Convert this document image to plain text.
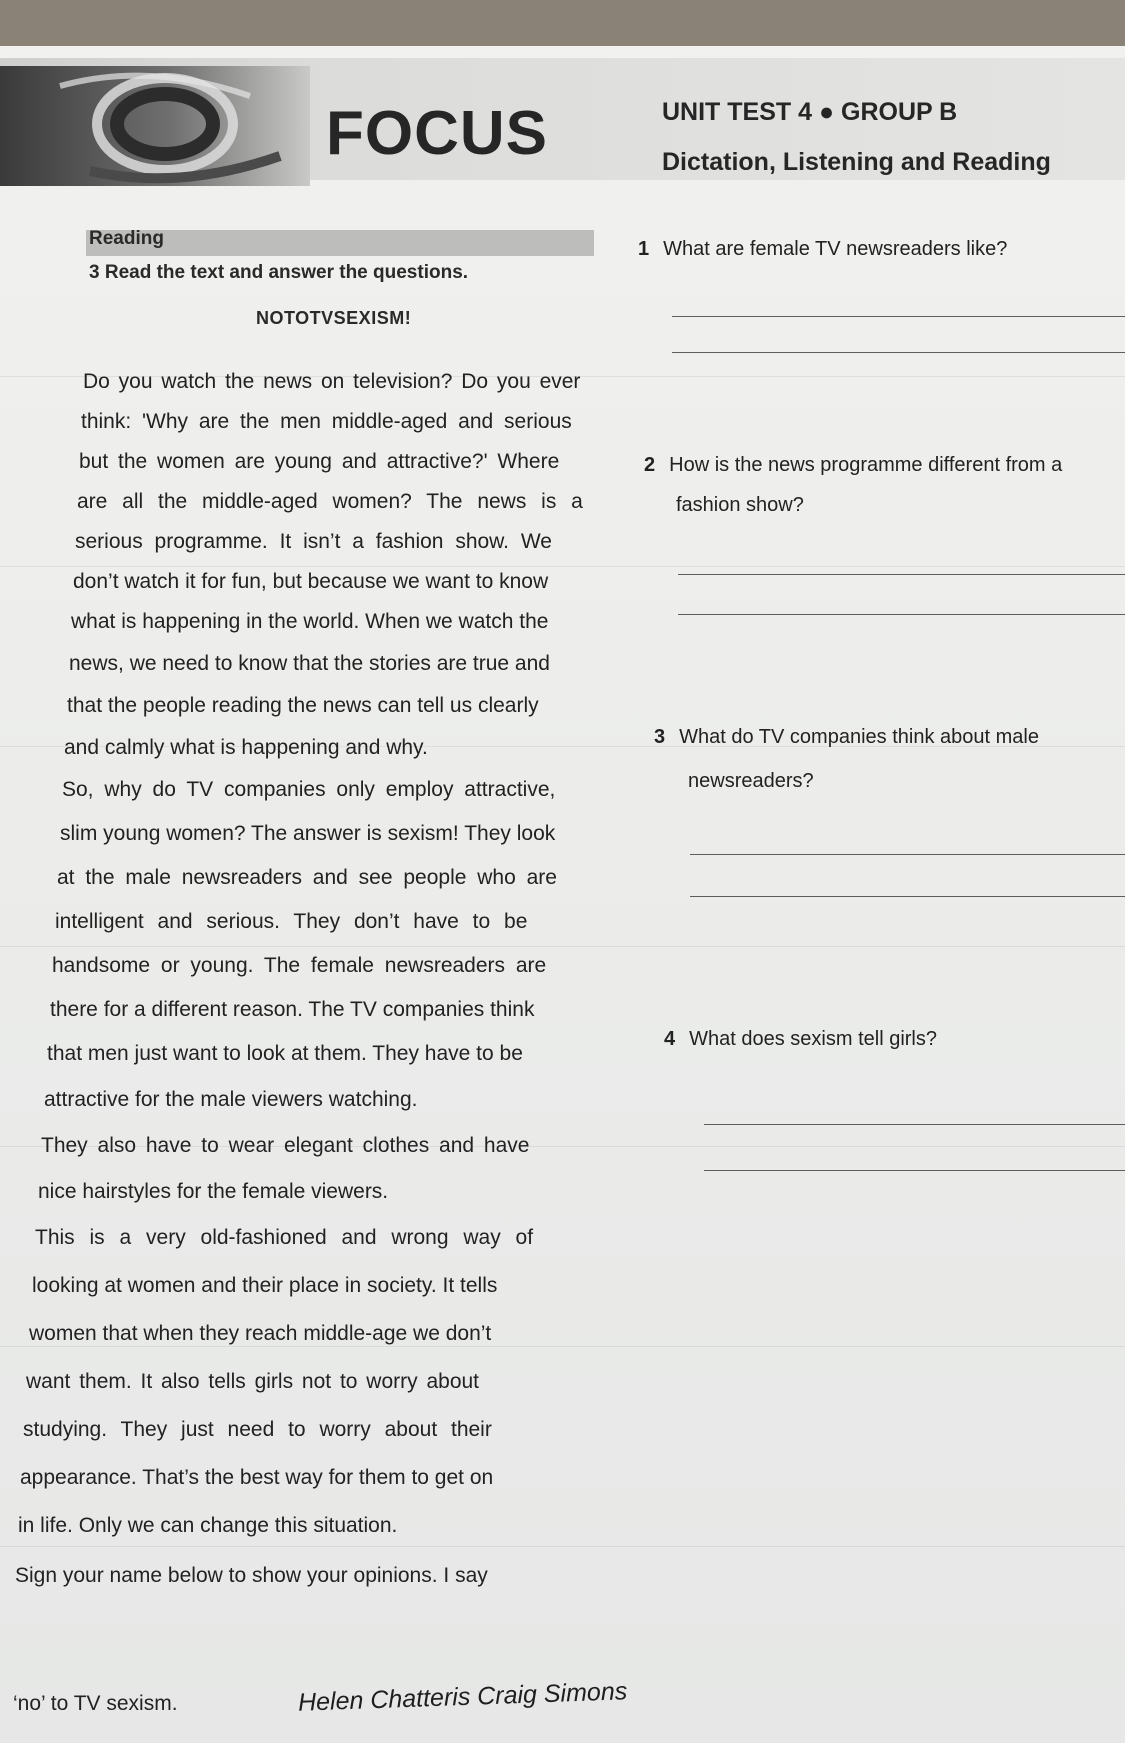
FOCUS	UNIT TEST 4 ● GROUP B
Dictation, Listening and Reading
Reading
3 Read the text and answer the questions.
NOTOTVSEXISM!
Do you watch the news on television? Do you ever
think: 'Why are the men middle-aged and serious
but the women are young and attractive?' Where
are all the middle-aged women? The news is a
serious programme. It isn’t a fashion show. We
don’t watch it for fun, but because we want to know
what is happening in the world. When we watch the
news, we need to know that the stories are true and
that the people reading the news can tell us clearly
and calmly what is happening and why.
So, why do TV companies only employ attractive,
slim young women? The answer is sexism! They look
at the male newsreaders and see people who are
intelligent and serious. They don’t have to be
handsome or young. The female newsreaders are
there for a different reason. The TV companies think
that men just want to look at them. They have to be
attractive for the male viewers watching.
They also have to wear elegant clothes and have
nice hairstyles for the female viewers.
This is a very old-fashioned and wrong way of
looking at women and their place in society. It tells
women that when they reach middle-age we don’t
want them. It also tells girls not to worry about
studying. They just need to worry about their
appearance. That’s the best way for them to get on
in life. Only we can change this situation.
Sign your name below to show your opinions. I say
‘no’ to TV sexism.	Helen Chatteris Craig Simons
1 What are female TV newsreaders like?
2 How is the news programme different from a
fashion show?
3 What do TV companies think about male
newsreaders?
4 What does sexism tell girls?
